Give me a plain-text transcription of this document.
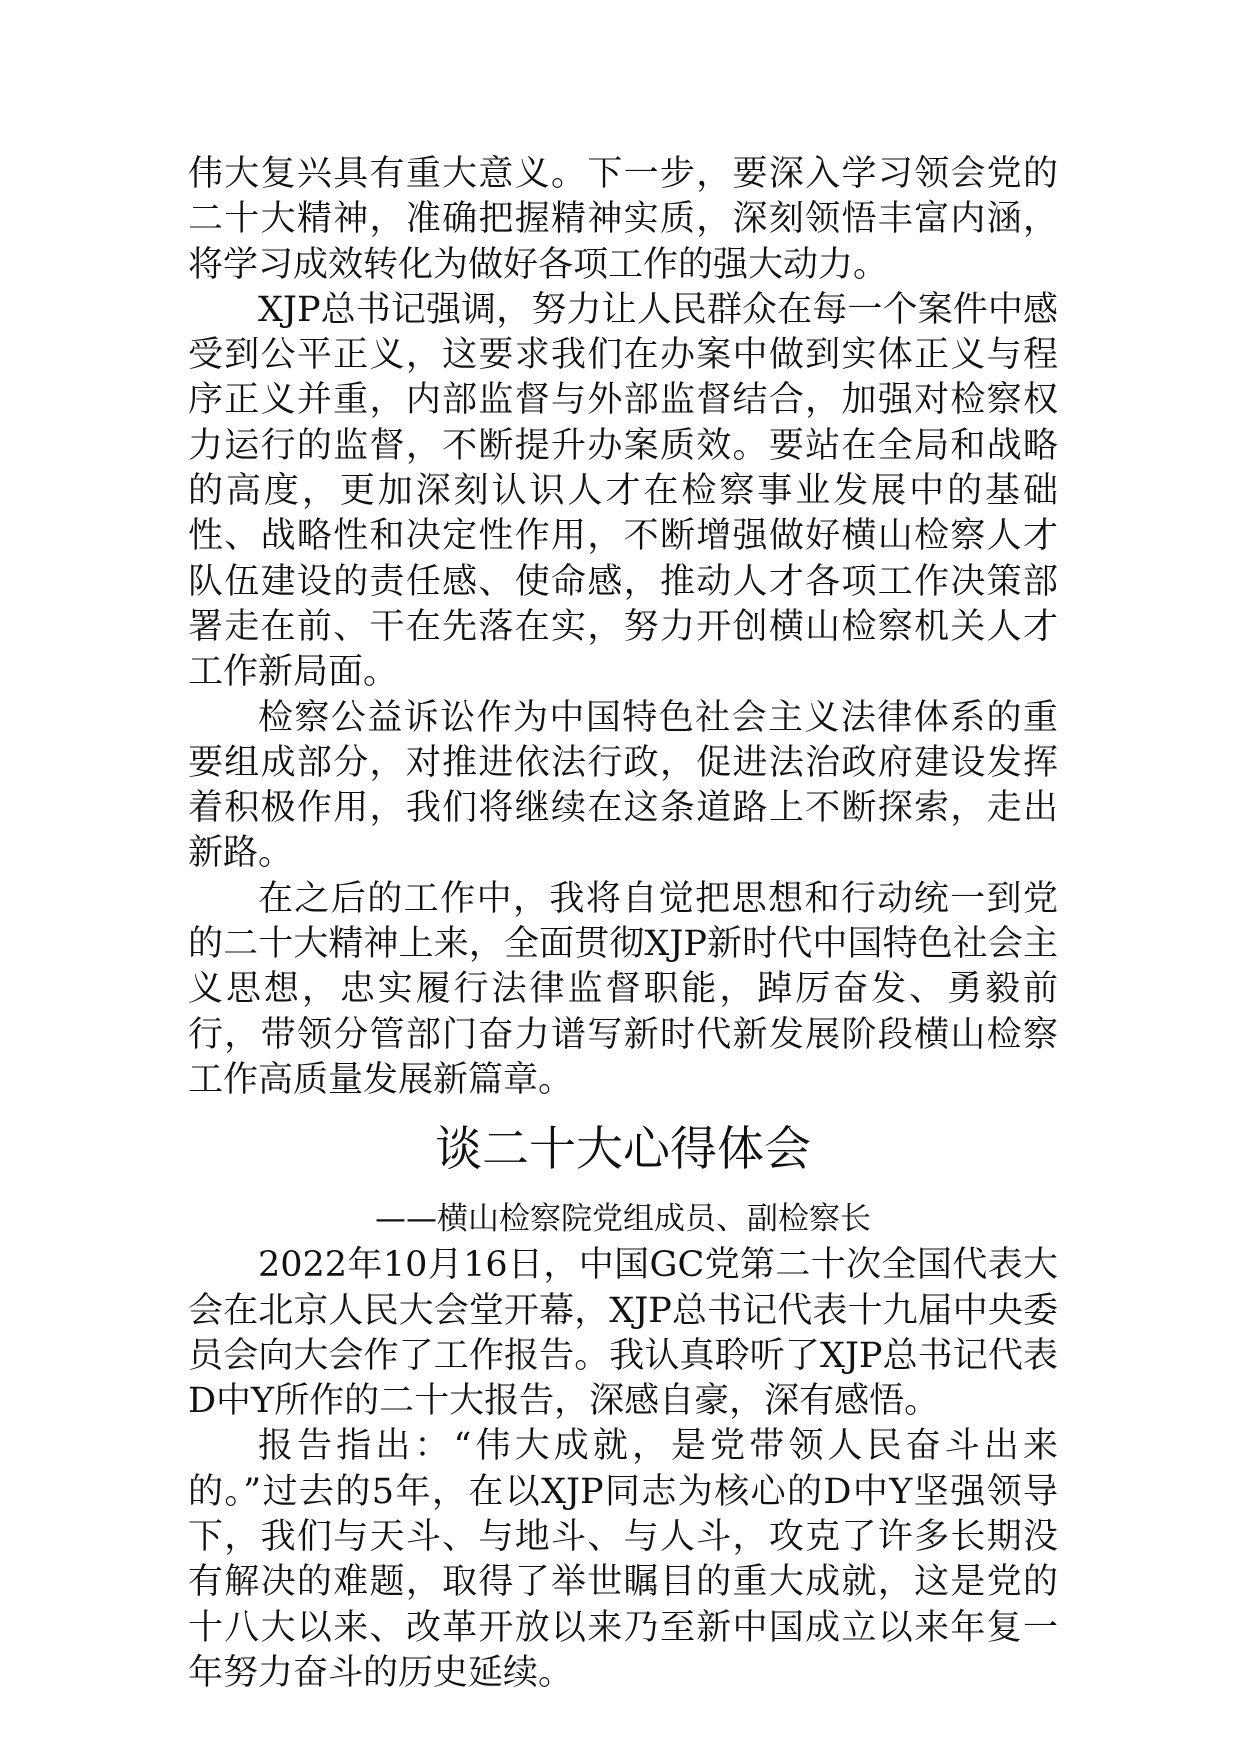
伟大复兴具有重大意义。下一步，要深入学习领会党的二十大精神，准确把握精神实质，深刻领悟丰富内涵，将学习成效转化为做好各项工作的强大动力。

XJP总书记强调，努力让人民群众在每一个案件中感受到公平正义，这要求我们在办案中做到实体正义与程序正义并重，内部监督与外部监督结合，加强对检察权力运行的监督，不断提升办案质效。要站在全局和战略的高度，更加深刻认识人才在检察事业发展中的基础性、战略性和决定性作用，不断增强做好横山检察人才队伍建设的责任感、使命感，推动人才各项工作决策部署走在前、干在先落在实，努力开创横山检察机关人才工作新局面。

检察公益诉讼作为中国特色社会主义法律体系的重要组成部分，对推进依法行政，促进法治政府建设发挥着积极作用，我们将继续在这条道路上不断探索，走出新路。

在之后的工作中，我将自觉把思想和行动统一到党的二十大精神上来，全面贯彻XJP新时代中国特色社会主义思想，忠实履行法律监督职能，踔厉奋发、勇毅前行，带领分管部门奋力谱写新时代新发展阶段横山检察工作高质量发展新篇章。

谈二十大心得体会
——横山检察院党组成员、副检察长

2022年10月16日，中国GC党第二十次全国代表大会在北京人民大会堂开幕，XJP总书记代表十九届中央委员会向大会作了工作报告。我认真聆听了XJP总书记代表D中Y所作的二十大报告，深感自豪，深有感悟。

报告指出：“伟大成就，是党带领人民奋斗出来的。”过去的5年，在以XJP同志为核心的D中Y坚强领导下，我们与天斗、与地斗、与人斗，攻克了许多长期没有解决的难题，取得了举世瞩目的重大成就，这是党的十八大以来、改革开放以来乃至新中国成立以来年复一年努力奋斗的历史延续。
